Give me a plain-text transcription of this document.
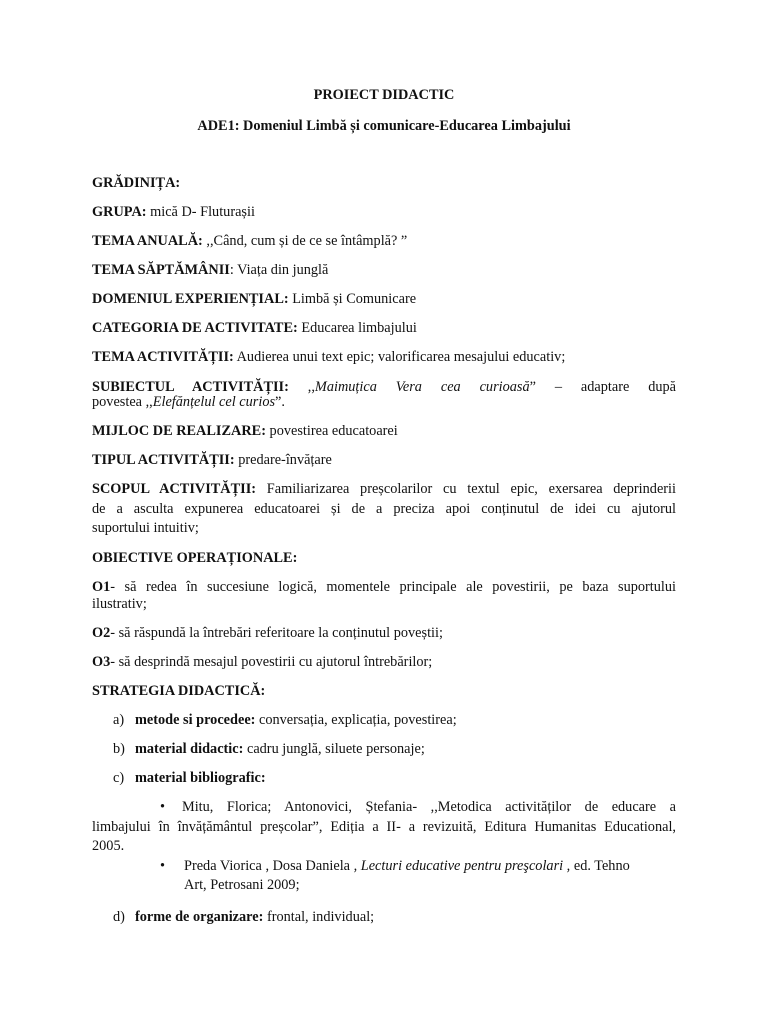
PROIECT DIDACTIC
ADE1: Domeniul Limbă și comunicare-Educarea Limbajului
GRĂDINIȚA:
GRUPA: mică D- Fluturașii
TEMA ANUALĂ: ,,Când, cum și de ce se întâmplă? ”
TEMA SĂPTĂMÂNII: Viața din junglă
DOMENIUL EXPERIENȚIAL: Limbă și Comunicare
CATEGORIA DE ACTIVITATE: Educarea limbajului
TEMA ACTIVITĂȚII: Audierea unui text epic; valorificarea mesajului educativ;
SUBIECTUL ACTIVITĂȚII: ,,Maimuțica Vera cea curioasă” – adaptare după
povestea ,,Elefănțelul cel curios”.
MIJLOC DE REALIZARE: povestirea educatoarei
TIPUL ACTIVITĂȚII: predare-învățare
SCOPUL ACTIVITĂȚII: Familiarizarea preșcolarilor cu textul epic, exersarea deprinderii
de a asculta expunerea educatoarei și de a preciza apoi conținutul de idei cu ajutorul
suportului intuitiv;
OBIECTIVE OPERAȚIONALE:
O1- să redea în succesiune logică, momentele principale ale povestirii, pe baza suportului
ilustrativ;
O2- să răspundă la întrebări referitoare la conținutul poveștii;
O3- să desprindă mesajul povestirii cu ajutorul întrebărilor;
STRATEGIA DIDACTICĂ:
a) metode si procedee: conversația, explicația, povestirea;
b) material didactic: cadru junglă, siluete personaje;
c) material bibliografic:
• Mitu, Florica; Antonovici, Ștefania- ,,Metodica activităților de educare a
limbajului în învățământul preșcolar”, Ediția a II- a revizuită, Editura Humanitas Educational,
2005.
• Preda Viorica , Dosa Daniela , Lecturi educative pentru preşcolari , ed. Tehno
Art, Petrosani 2009;
d) forme de organizare: frontal, individual;
